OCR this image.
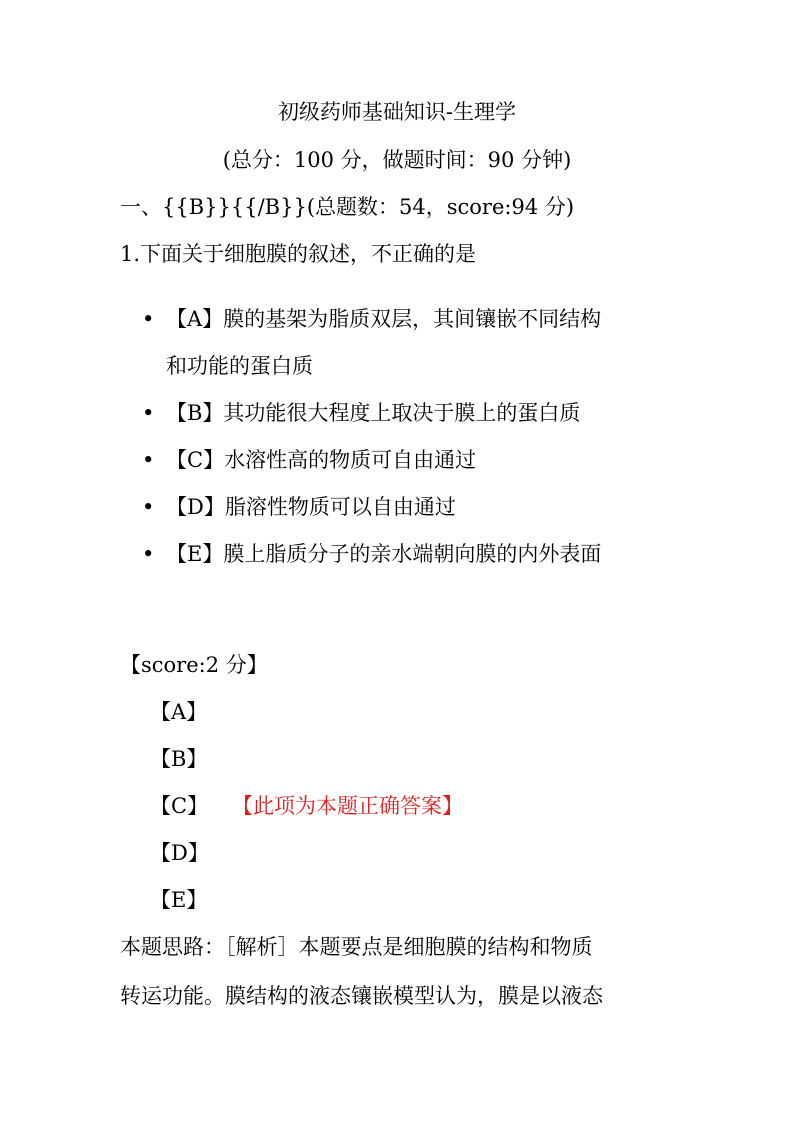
初级药师基础知识-生理学
(总分：100 分，做题时间：90 分钟)
一、{{B}}{{/B}}(总题数：54，score:94 分)
1.下面关于细胞膜的叙述，不正确的是
• 【A】膜的基架为脂质双层，其间镶嵌不同结构
和功能的蛋白质
• 【B】其功能很大程度上取决于膜上的蛋白质
• 【C】水溶性高的物质可自由通过
• 【D】脂溶性物质可以自由通过
• 【E】膜上脂质分子的亲水端朝向膜的内外表面
【score:2 分】
【A】
【B】
【C】 【此项为本题正确答案】
【D】
【E】
本题思路：［解析］本题要点是细胞膜的结构和物质
转运功能。膜结构的液态镶嵌模型认为，膜是以液态
